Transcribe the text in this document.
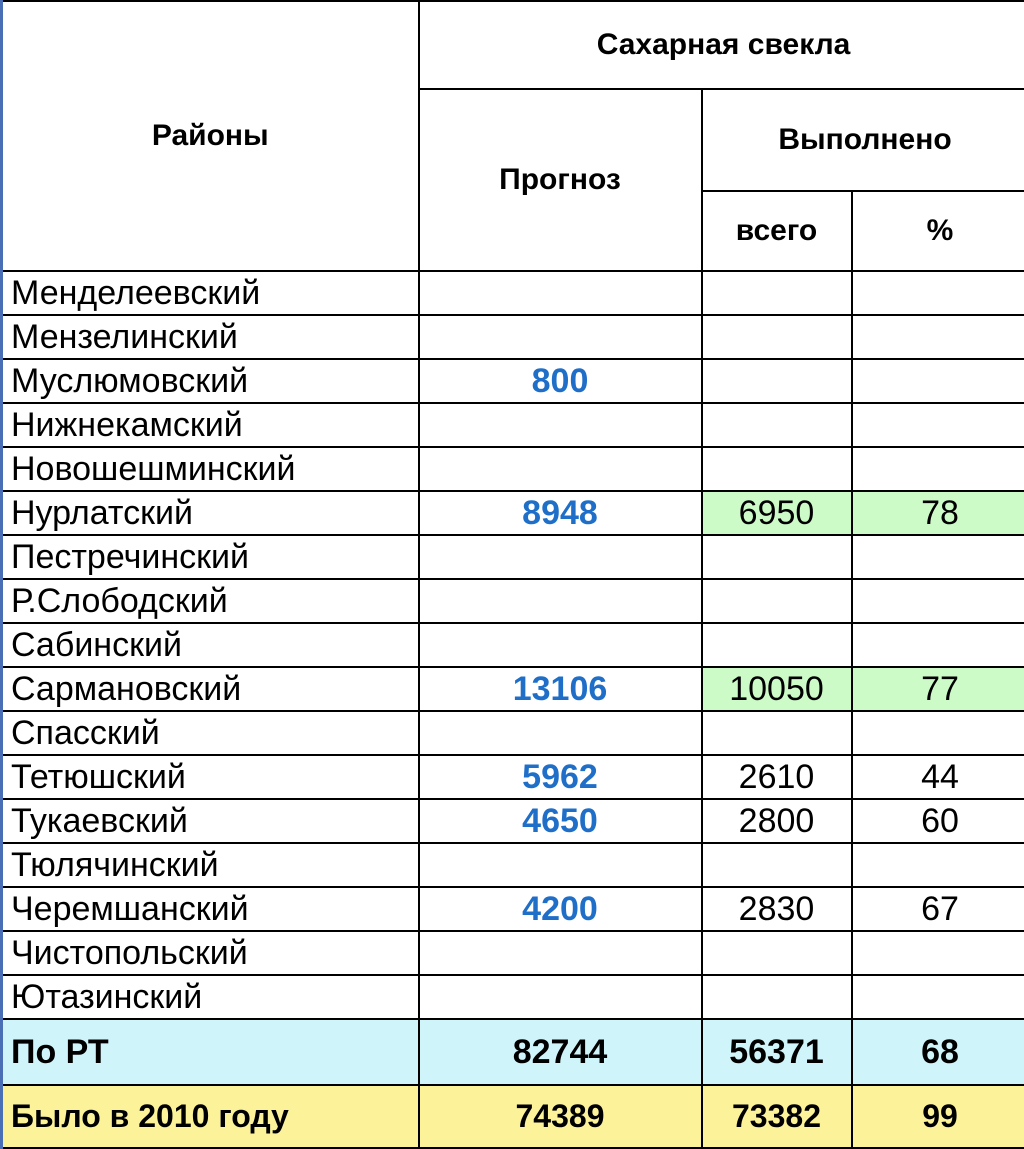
Районы	Сахарная свекла		
	Прогноз	Выполнено	
		всего	%
Менделеевский			
Мензелинский			
Муслюмовский	800		
Нижнекамский			
Новошешминский			
Нурлатский	8948	6950	78
Пестречинский			
Р.Слободский			
Сабинский			
Сармановский	13106	10050	77
Спасский			
Тетюшский	5962	2610	44
Тукаевский	4650	2800	60
Тюлячинский			
Черемшанский	4200	2830	67
Чистопольский			
Ютазинский			
По РТ	82744	56371	68
Было в 2010 году	74389	73382	99
